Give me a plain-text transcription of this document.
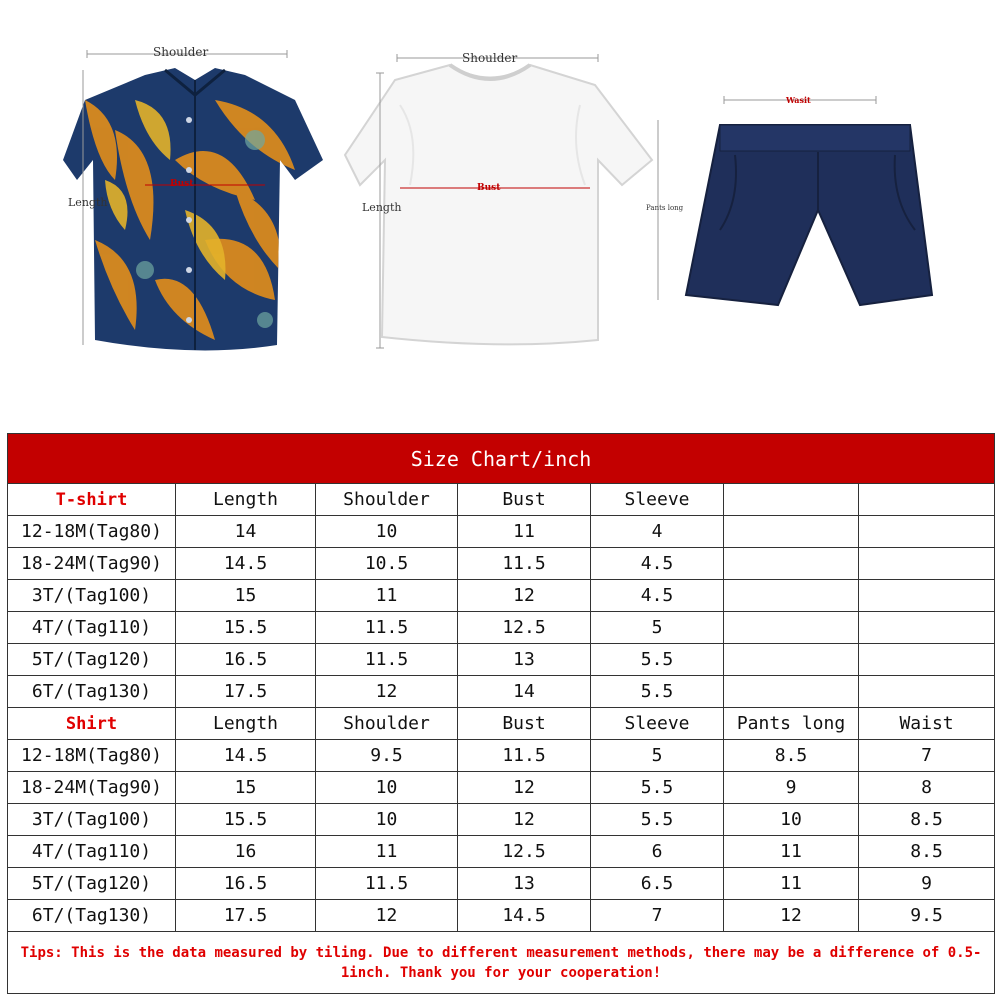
Shoulder
Length
Bust
Shoulder
Length
Bust
Wasit
Pants long
Size Chart/inch						
T-shirt	Length	Shoulder	Bust	Sleeve		
12-18M(Tag80)	14	10	11	4		
18-24M(Tag90)	14.5	10.5	11.5	4.5		
3T/(Tag100)	15	11	12	4.5		
4T/(Tag110)	15.5	11.5	12.5	5		
5T/(Tag120)	16.5	11.5	13	5.5		
6T/(Tag130)	17.5	12	14	5.5		
Shirt	Length	Shoulder	Bust	Sleeve	Pants long	Waist
12-18M(Tag80)	14.5	9.5	11.5	5	8.5	7
18-24M(Tag90)	15	10	12	5.5	9	8
3T/(Tag100)	15.5	10	12	5.5	10	8.5
4T/(Tag110)	16	11	12.5	6	11	8.5
5T/(Tag120)	16.5	11.5	13	6.5	11	9
6T/(Tag130)	17.5	12	14.5	7	12	9.5
Tips: This is the data measured by tiling. Due to different measurement methods, there may be a difference of 0.5-1inch. Thank you for your cooperation!						
